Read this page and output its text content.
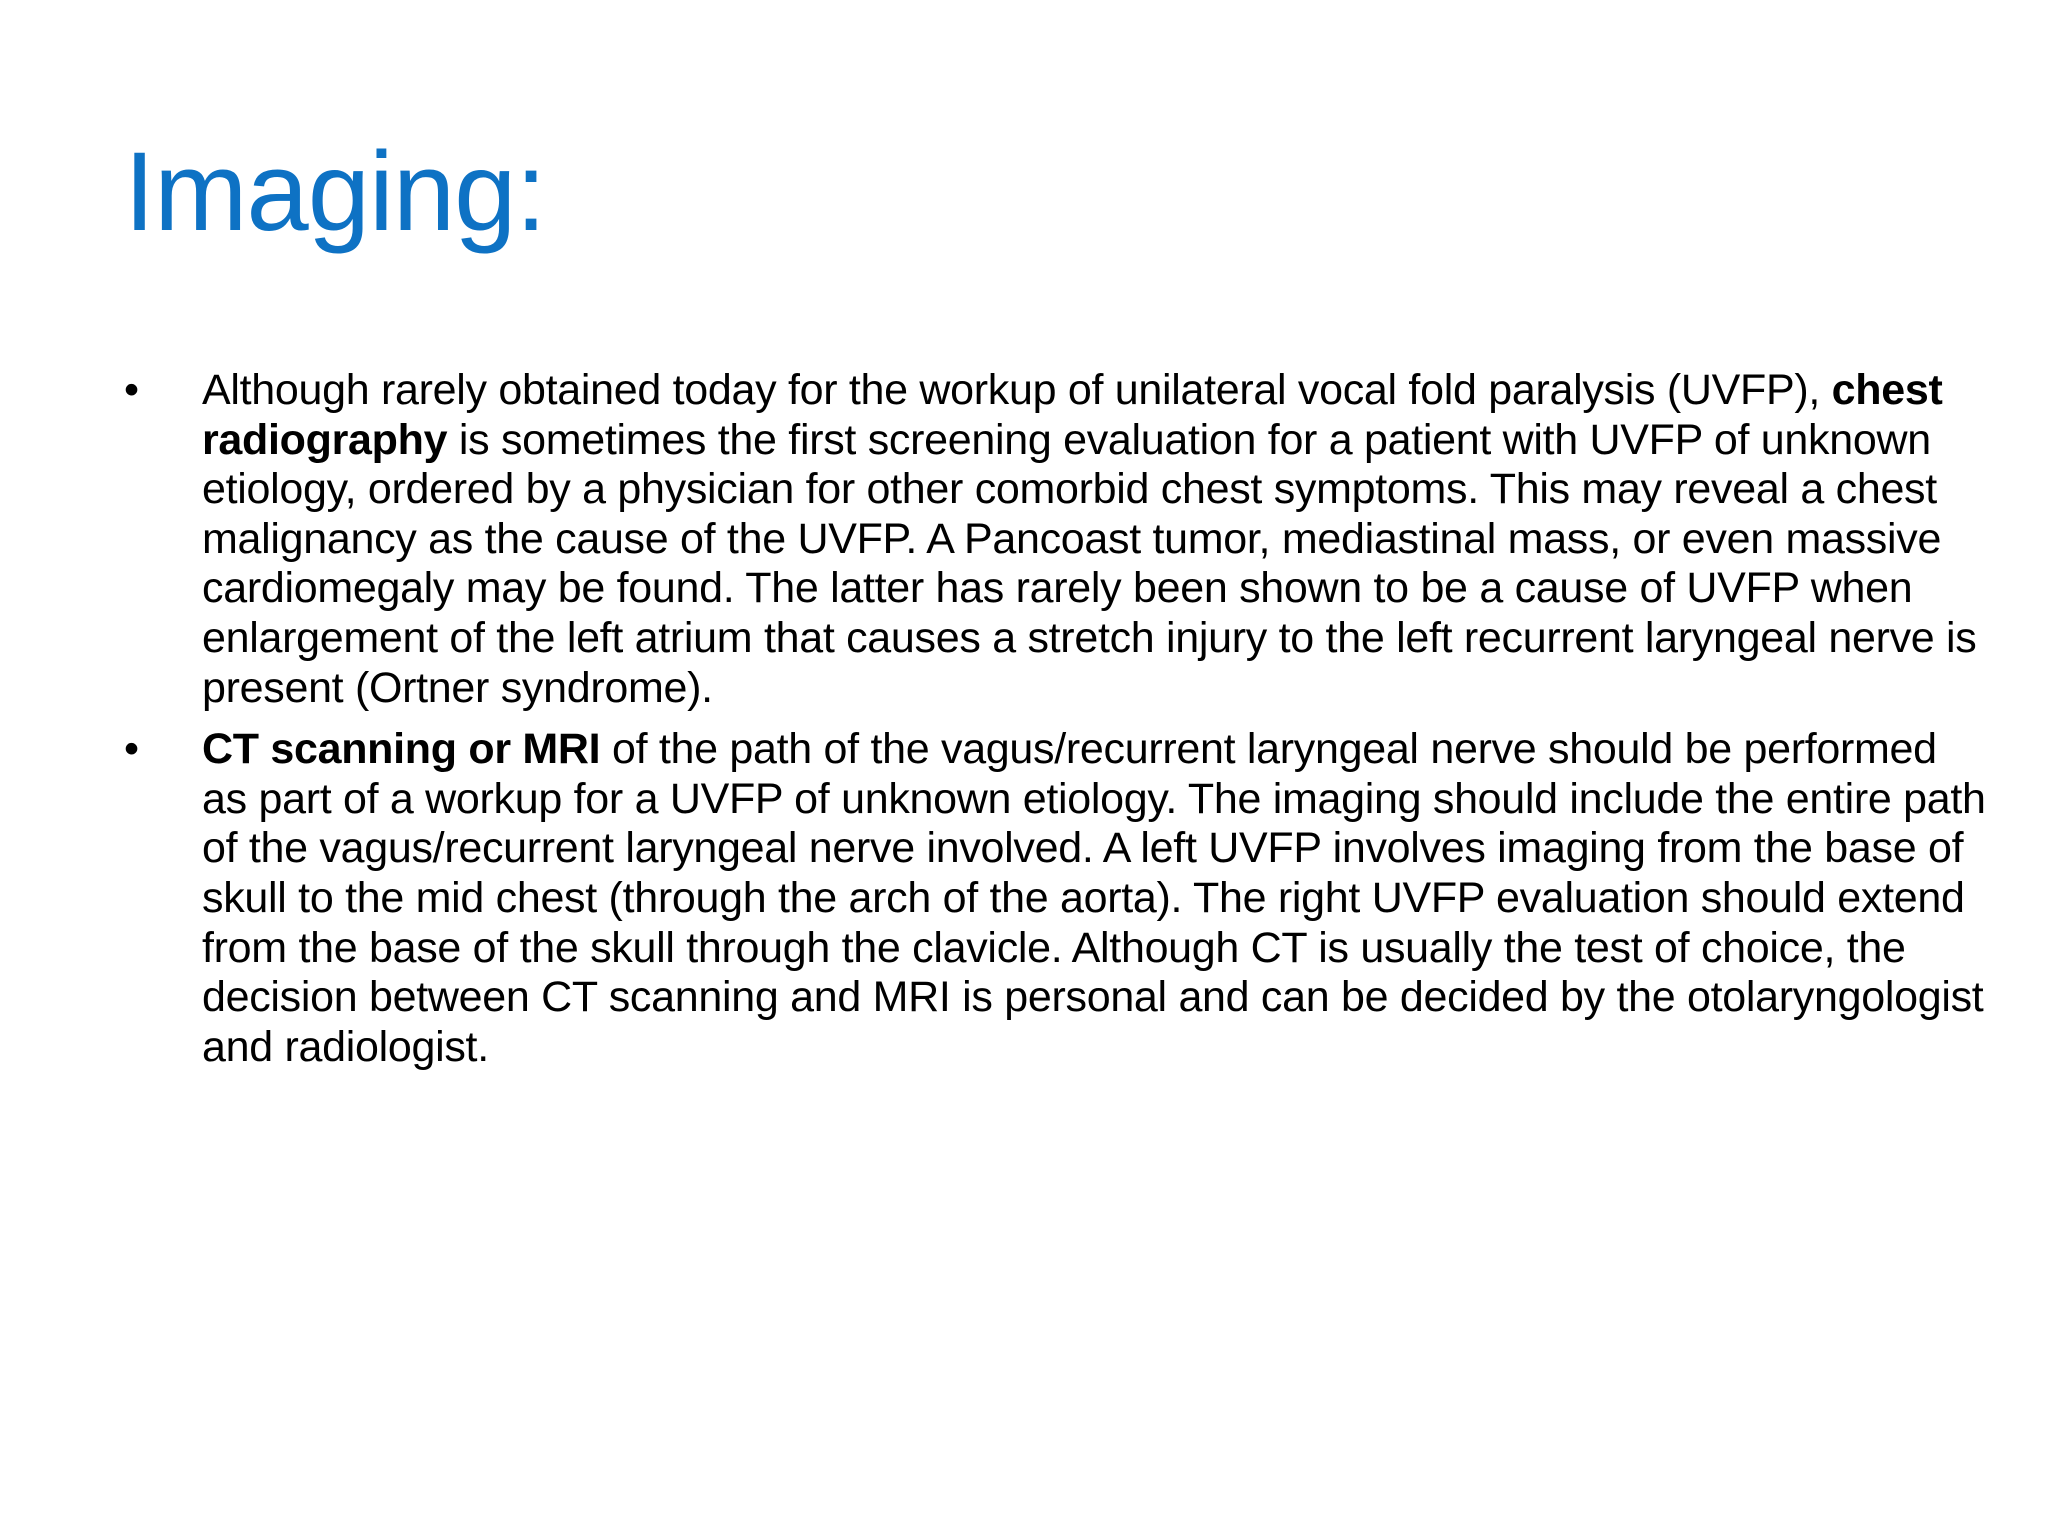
Imaging:
• Although rarely obtained today for the workup of unilateral vocal fold paralysis (UVFP), chest radiography is sometimes the first screening evaluation for a patient with UVFP of unknown etiology, ordered by a physician for other comorbid chest symptoms. This may reveal a chest malignancy as the cause of the UVFP. A Pancoast tumor, mediastinal mass, or even massive cardiomegaly may be found. The latter has rarely been shown to be a cause of UVFP when enlargement of the left atrium that causes a stretch injury to the left recurrent laryngeal nerve is present (Ortner syndrome).
• CT scanning or MRI of the path of the vagus/recurrent laryngeal nerve should be performed as part of a workup for a UVFP of unknown etiology. The imaging should include the entire path of the vagus/recurrent laryngeal nerve involved. A left UVFP involves imaging from the base of skull to the mid chest (through the arch of the aorta). The right UVFP evaluation should extend from the base of the skull through the clavicle. Although CT is usually the test of choice, the decision between CT scanning and MRI is personal and can be decided by the otolaryngologist and radiologist.
